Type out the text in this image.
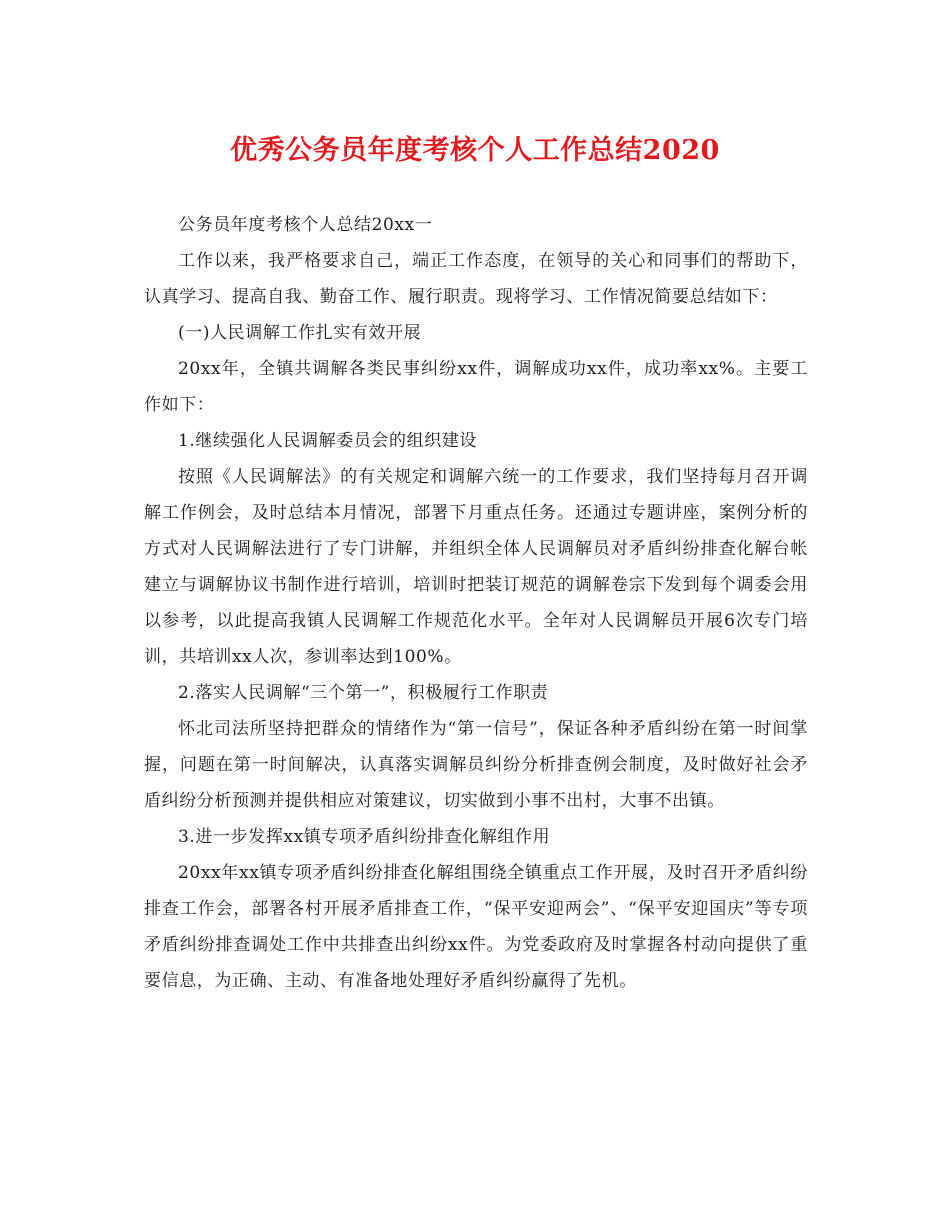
优秀公务员年度考核个人工作总结2020

公务员年度考核个人总结20xx一

工作以来，我严格要求自己，端正工作态度，在领导的关心和同事们的帮助下，认真学习、提高自我、勤奋工作、履行职责。现将学习、工作情况简要总结如下：

(一)人民调解工作扎实有效开展

20xx年，全镇共调解各类民事纠纷xx件，调解成功xx件，成功率xx%。主要工作如下：

1.继续强化人民调解委员会的组织建设

按照《人民调解法》的有关规定和调解六统一的工作要求，我们坚持每月召开调解工作例会，及时总结本月情况，部署下月重点任务。还通过专题讲座，案例分析的方式对人民调解法进行了专门讲解，并组织全体人民调解员对矛盾纠纷排查化解台帐建立与调解协议书制作进行培训，培训时把装订规范的调解卷宗下发到每个调委会用以参考，以此提高我镇人民调解工作规范化水平。全年对人民调解员开展6次专门培训，共培训xx人次，参训率达到100%。

2.落实人民调解“三个第一”，积极履行工作职责

怀北司法所坚持把群众的情绪作为“第一信号”，保证各种矛盾纠纷在第一时间掌握，问题在第一时间解决，认真落实调解员纠纷分析排查例会制度，及时做好社会矛盾纠纷分析预测并提供相应对策建议，切实做到小事不出村，大事不出镇。

3.进一步发挥xx镇专项矛盾纠纷排查化解组作用

20xx年xx镇专项矛盾纠纷排查化解组围绕全镇重点工作开展，及时召开矛盾纠纷排查工作会，部署各村开展矛盾排查工作，“保平安迎两会”、“保平安迎国庆”等专项矛盾纠纷排查调处工作中共排查出纠纷xx件。为党委政府及时掌握各村动向提供了重要信息，为正确、主动、有准备地处理好矛盾纠纷赢得了先机。
